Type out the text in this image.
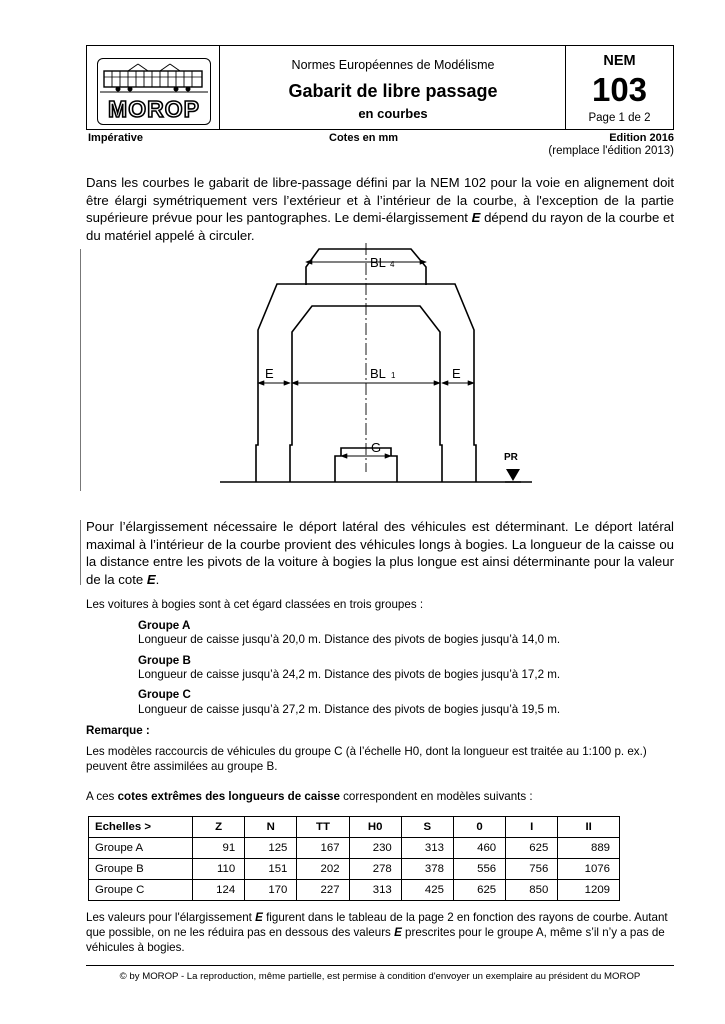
MOROP
Normes Européennes de Modélisme
Gabarit de libre passage
en courbes
NEM
103
Page 1 de 2
Impérative	Cotes en mm	Edition 2016
(remplace l'édition 2013)
Dans les courbes le gabarit de libre-passage défini par la NEM 102 pour la voie en alignement doit être élargi symétriquement vers l’extérieur et à l’intérieur de la courbe, à l'exception de la partie supérieure prévue pour les pantographes. Le demi-élargissement E dépend du rayon de la courbe et du matériel appelé à circuler.
BL 4
BL 1
E	E
G
PR
Pour l’élargissement nécessaire le déport latéral des véhicules est déterminant. Le déport latéral maximal à l’intérieur de la courbe provient des véhicules longs à bogies. La longueur de la caisse ou la distance entre les pivots de la voiture à bogies la plus longue est ainsi déterminante pour la valeur de la cote E.
Les voitures à bogies sont à cet égard classées en trois groupes :
Groupe A
Longueur de caisse jusqu’à 20,0 m. Distance des pivots de bogies jusqu’à 14,0 m.
Groupe B
Longueur de caisse jusqu’à 24,2 m. Distance des pivots de bogies jusqu’à 17,2 m.
Groupe C
Longueur de caisse jusqu’à 27,2 m. Distance des pivots de bogies jusqu’à 19,5 m.
Remarque :
Les modèles raccourcis de véhicules du groupe C (à l’échelle H0, dont la longueur est traitée au 1:100 p. ex.) peuvent être assimilées au groupe B.
A ces cotes extrêmes des longueurs de caisse correspondent en modèles suivants :
Echelles >	Z	N	TT	H0	S	0	I	II
Groupe A	91	125	167	230	313	460	625	889
Groupe B	110	151	202	278	378	556	756	1076
Groupe C	124	170	227	313	425	625	850	1209
Les valeurs pour l'élargissement E figurent dans le tableau de la page 2 en fonction des rayons de courbe. Autant que possible, on ne les réduira pas en dessous des valeurs E prescrites pour le groupe A, même s’il n’y a pas de véhicules à bogies.
© by MOROP - La reproduction, même partielle, est permise à condition d'envoyer un exemplaire au président du MOROP
